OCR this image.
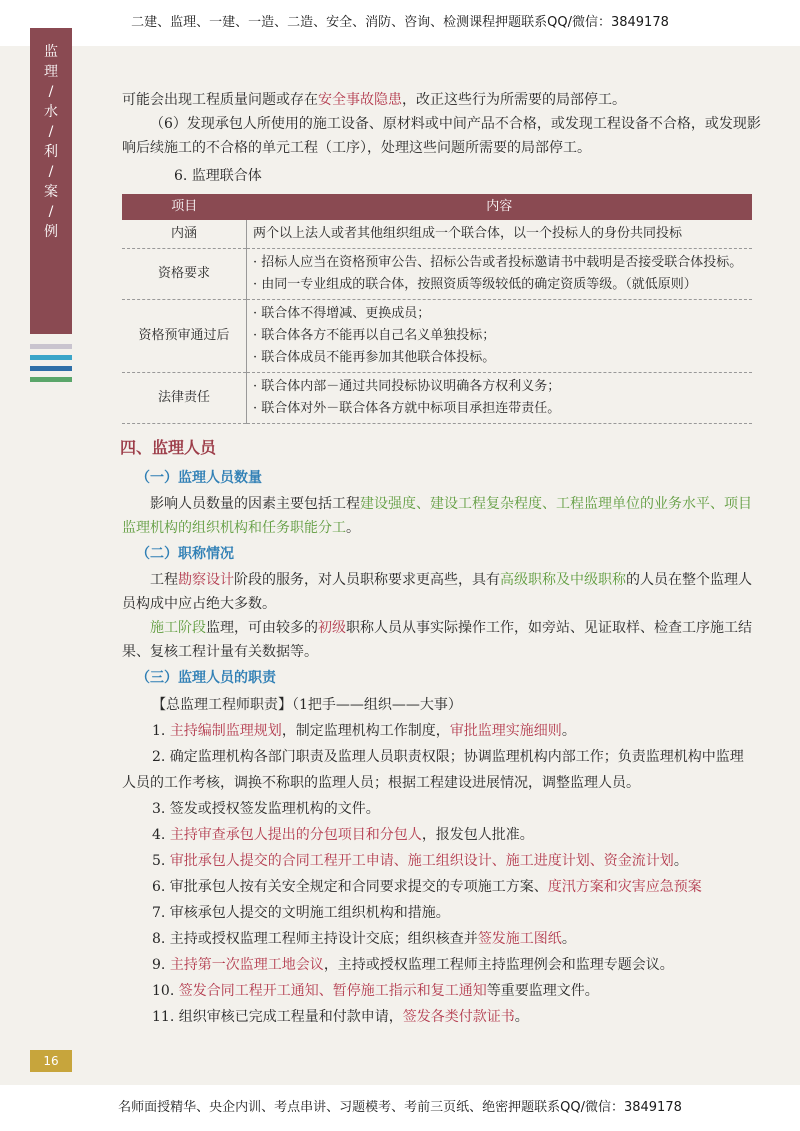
二建、监理、一建、一造、二造、安全、消防、咨询、检测课程押题联系QQ/微信：3849178
监
理
/
水
/
利
/
案
/
例
16

可能会出现工程质量问题或存在安全事故隐患，改正这些行为所需要的局部停工。

（6）发现承包人所使用的施工设备、原材料或中间产品不合格，或发现工程设备不合格，或发现影响后续施工的不合格的单元工程（工序），处理这些问题所需要的局部停工。

6. 监理联合体

项目	内容
内涵	两个以上法人或者其他组织组成一个联合体，以一个投标人的身份共同投标

资格要求	· 招标人应当在资格预审公告、招标公告或者投标邀请书中载明是否接受联合体投标。
· 由同一专业组成的联合体，按照资质等级较低的确定资质等级。（就低原则）

资格预审通过后	· 联合体不得增减、更换成员；
· 联合体各方不能再以自己名义单独投标；
· 联合体成员不能再参加其他联合体投标。

法律责任	· 联合体内部－通过共同投标协议明确各方权利义务；
· 联合体对外－联合体各方就中标项目承担连带责任。
四、监理人员
（一）监理人员数量

影响人员数量的因素主要包括工程建设强度、建设工程复杂程度、工程监理单位的业务水平、项目监理机构的组织机构和任务职能分工。

（二）职称情况

工程勘察设计阶段的服务，对人员职称要求更高些，具有高级职称及中级职称的人员在整个监理人员构成中应占绝大多数。

施工阶段监理，可由较多的初级职称人员从事实际操作工作，如旁站、见证取样、检查工序施工结果、复核工程计量有关数据等。

（三）监理人员的职责

【总监理工程师职责】（1把手——组织——大事）

1. 主持编制监理规划，制定监理机构工作制度，审批监理实施细则。

2. 确定监理机构各部门职责及监理人员职责权限；协调监理机构内部工作；负责监理机构中监理

人员的工作考核，调换不称职的监理人员；根据工程建设进展情况，调整监理人员。

3. 签发或授权签发监理机构的文件。

4. 主持审查承包人提出的分包项目和分包人，报发包人批准。

5. 审批承包人提交的合同工程开工申请、施工组织设计、施工进度计划、资金流计划。

6. 审批承包人按有关安全规定和合同要求提交的专项施工方案、度汛方案和灾害应急预案

7. 审核承包人提交的文明施工组织机构和措施。

8. 主持或授权监理工程师主持设计交底；组织核查并签发施工图纸。

9. 主持第一次监理工地会议，主持或授权监理工程师主持监理例会和监理专题会议。

10. 签发合同工程开工通知、暂停施工指示和复工通知等重要监理文件。

11. 组织审核已完成工程量和付款申请，签发各类付款证书。

名师面授精华、央企内训、考点串讲、习题模考、考前三页纸、绝密押题联系QQ/微信：3849178
